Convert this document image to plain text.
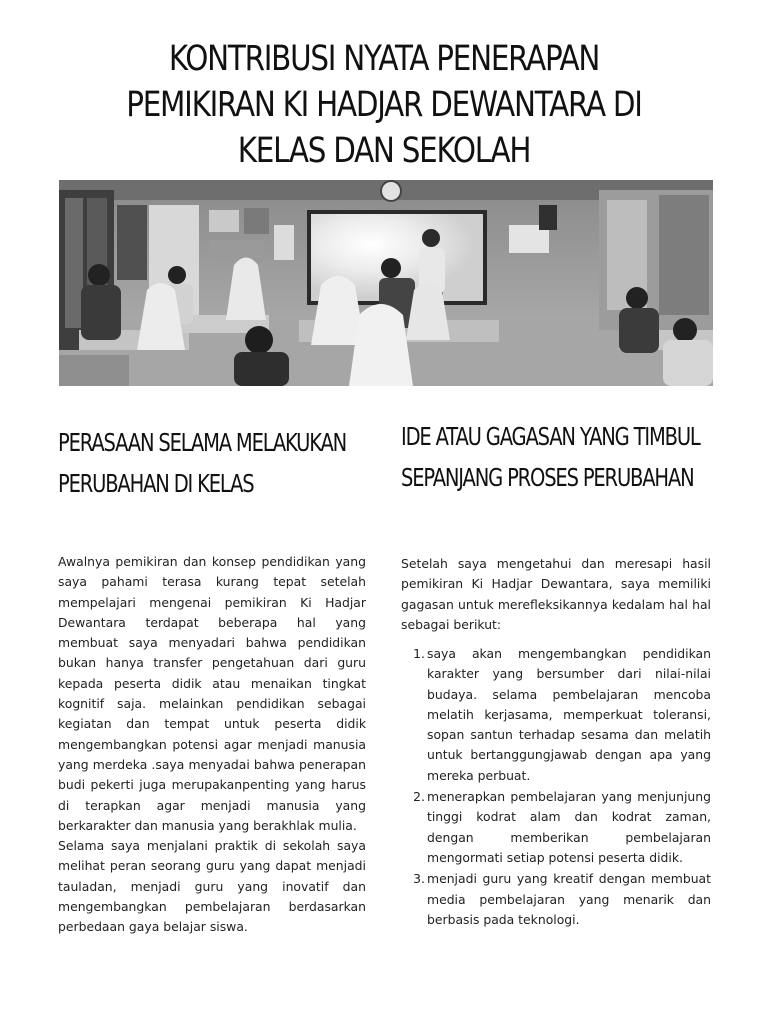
KONTRIBUSI NYATA PENERAPAN PEMIKIRAN KI HADJAR DEWANTARA DI KELAS DAN SEKOLAH
PERASAAN SELAMA MELAKUKAN PERUBAHAN DI KELAS

Awalnya pemikiran dan konsep pendidikan yang saya pahami terasa kurang tepat setelah mempelajari mengenai pemikiran Ki Hadjar Dewantara terdapat beberapa hal yang membuat saya menyadari bahwa pendidikan bukan hanya transfer pengetahuan dari guru kepada peserta didik atau menaikan tingkat kognitif saja. melainkan pendidikan sebagai kegiatan dan tempat untuk peserta didik mengembangkan potensi agar menjadi manusia yang merdeka .saya menyadai bahwa penerapan budi pekerti juga merupakanpenting yang harus di terapkan agar menjadi manusia yang berkarakter dan manusia yang berakhlak mulia.

Selama saya menjalani praktik di sekolah saya melihat peran seorang guru yang dapat menjadi tauladan, menjadi guru yang inovatif dan mengembangkan pembelajaran berdasarkan perbedaan gaya belajar siswa.

IDE ATAU GAGASAN YANG TIMBUL SEPANJANG PROSES PERUBAHAN

Setelah saya mengetahui dan meresapi hasil pemikiran Ki Hadjar Dewantara, saya memiliki gagasan untuk merefleksikannya kedalam hal hal sebagai berikut:

1. saya akan mengembangkan pendidikan karakter yang bersumber dari nilai-nilai budaya. selama pembelajaran mencoba melatih kerjasama, memperkuat toleransi, sopan santun terhadap sesama dan melatih untuk bertanggungjawab dengan apa yang mereka perbuat.
2. menerapkan pembelajaran yang menjunjung tinggi kodrat alam dan kodrat zaman, dengan memberikan pembelajaran mengormati setiap potensi peserta didik.
3. menjadi guru yang kreatif dengan membuat media pembelajaran yang menarik dan berbasis pada teknologi.
